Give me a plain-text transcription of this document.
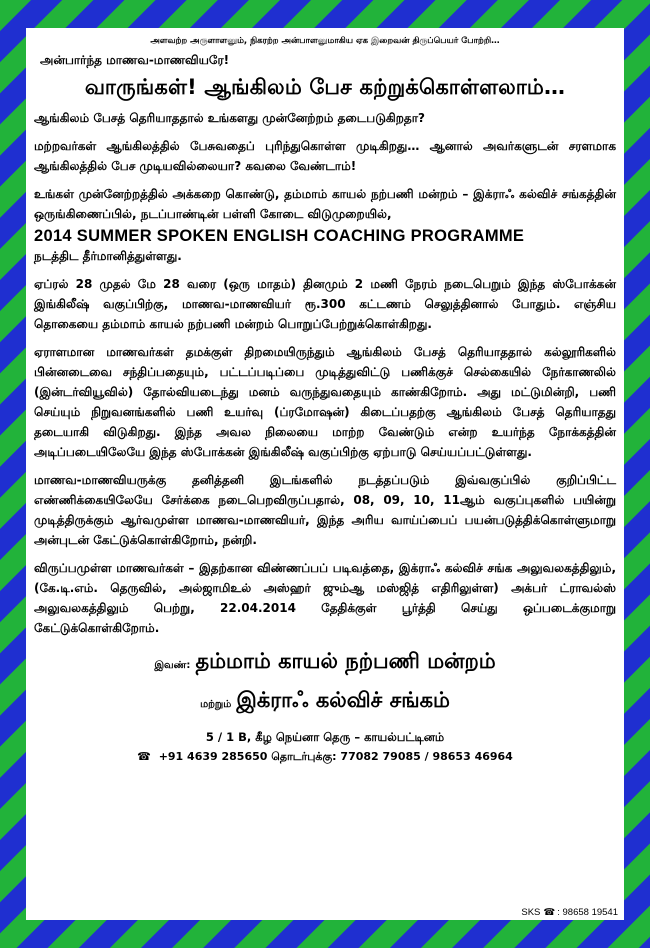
அளவற்ற அருளாளனும், நிகரற்ற அன்பாளனுமாகிய ஏக இறைவன் திருப்பெயர் போற்றி…
அன்பார்ந்த மாணவ-மாணவியரே!
வாருங்கள்! ஆங்கிலம் பேச கற்றுக்கொள்ளலாம்…

ஆங்கிலம் பேசத் தெரியாததால் உங்களது முன்னேற்றம் தடைபடுகிறதா?

மற்றவர்கள் ஆங்கிலத்தில் பேசுவதைப் புரிந்துகொள்ள முடிகிறது… ஆனால் அவர்களுடன் சரளமாக ஆங்கிலத்தில் பேச முடியவில்லையா? கவலை வேண்டாம்!

உங்கள் முன்னேற்றத்தில் அக்கறை கொண்டு, தம்மாம் காயல் நற்பணி மன்றம் – இக்ராஃ கல்விச் சங்கத்தின் ஒருங்கிணைப்பில், நடப்பாண்டின் பள்ளி கோடை விடுமுறையில்,
2014 SUMMER SPOKEN ENGLISH COACHING PROGRAMME
நடத்திட தீர்மானித்துள்ளது.

ஏப்ரல் 28 முதல் மே 28 வரை (ஒரு மாதம்) தினமும் 2 மணி நேரம் நடைபெறும் இந்த ஸ்போக்கன் இங்கிலீஷ் வகுப்பிற்கு, மாணவ-மாணவியர் ரூ.300 கட்டணம் செலுத்தினால் போதும். எஞ்சிய தொகையை தம்மாம் காயல் நற்பணி மன்றம் பொறுப்பேற்றுக்கொள்கிறது.

ஏராளமான மாணவர்கள் தமக்குள் திறமையிருந்தும் ஆங்கிலம் பேசத் தெரியாததால் கல்லூரிகளில் பின்னடைவை சந்திப்பதையும், பட்டப்படிப்பை முடித்துவிட்டு பணிக்குச் செல்கையில் நேர்காணலில் (இன்டர்வியூவில்) தோல்வியடைந்து மனம் வருந்துவதையும் காண்கிறோம். அது மட்டுமின்றி, பணி செய்யும் நிறுவனங்களில் பணி உயர்வு (ப்ரமோஷன்) கிடைப்பதற்கு ஆங்கிலம் பேசத் தெரியாதது தடையாகி விடுகிறது. இந்த அவல நிலையை மாற்ற வேண்டும் என்ற உயர்ந்த நோக்கத்தின் அடிப்படையிலேயே இந்த ஸ்போக்கன் இங்கிலீஷ் வகுப்பிற்கு ஏற்பாடு செய்யப்பட்டுள்ளது.

மாணவ-மாணவியருக்கு தனித்தனி இடங்களில் நடத்தப்படும் இவ்வகுப்பில் குறிப்பிட்ட எண்ணிக்கையிலேயே சேர்க்கை நடைபெறவிருப்பதால், 08, 09, 10, 11ஆம் வகுப்புகளில் பயின்று முடித்திருக்கும் ஆர்வமுள்ள மாணவ-மாணவியர், இந்த அரிய வாய்ப்பைப் பயன்படுத்திக்கொள்ளுமாறு அன்புடன் கேட்டுக்கொள்கிறோம், நன்றி.

விருப்பமுள்ள மாணவர்கள் – இதற்கான விண்ணப்பப் படிவத்தை, இக்ராஃ கல்விச் சங்க அலுவலகத்திலும், (கே.டி.எம். தெருவில், அல்ஜாமிஉல் அஸ்ஹர் ஜும்ஆ மஸ்ஜித் எதிரிலுள்ள) அக்பர் ட்ராவல்ஸ் அலுவலகத்திலும் பெற்று, 22.04.2014 தேதிக்குள் பூர்த்தி செய்து ஒப்படைக்குமாறு கேட்டுக்கொள்கிறோம்.

இவண்: தம்மாம் காயல் நற்பணி மன்றம்
மற்றும் இக்ராஃ கல்விச் சங்கம்
5 / 1 B, கீழ நெய்னா தெரு – காயல்பட்டினம்
☎ +91 4639 285650 தொடர்புக்கு: 77082 79085 / 98653 46964
SKS ☎ : 98658 19541
